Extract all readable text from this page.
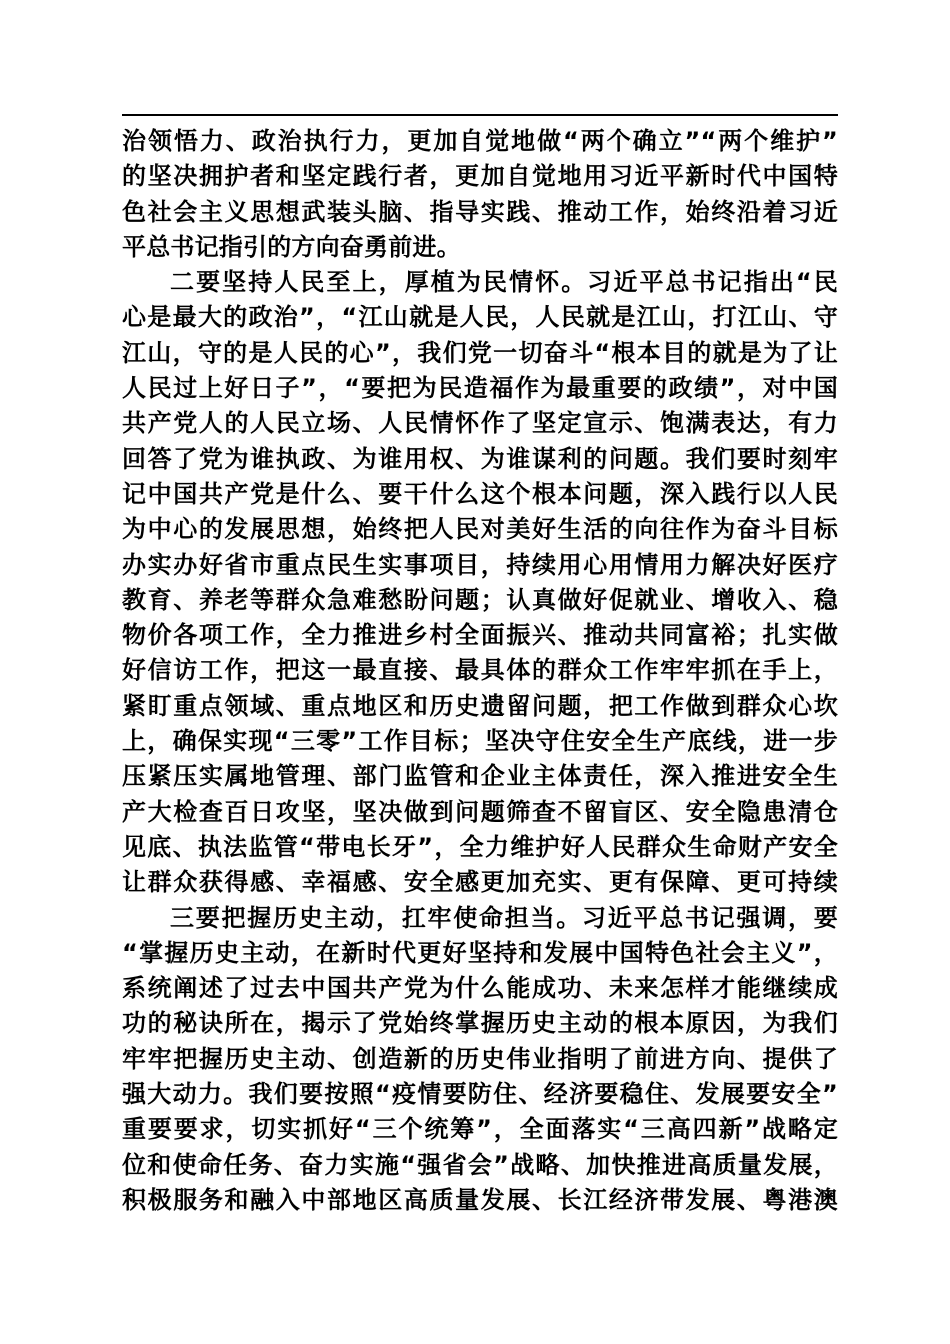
治领悟力、政治执行力，更加自觉地做“两个确立”“两个维护”
的坚决拥护者和坚定践行者，更加自觉地用习近平新时代中国特
色社会主义思想武装头脑、指导实践、推动工作，始终沿着习近
平总书记指引的方向奋勇前进。
二要坚持人民至上，厚植为民情怀。习近平总书记指出“民
心是最大的政治”，“江山就是人民，人民就是江山，打江山、守
江山，守的是人民的心”，我们党一切奋斗“根本目的就是为了让
人民过上好日子”，“要把为民造福作为最重要的政绩”，对中国
共产党人的人民立场、人民情怀作了坚定宣示、饱满表达，有力
回答了党为谁执政、为谁用权、为谁谋利的问题。我们要时刻牢
记中国共产党是什么、要干什么这个根本问题，深入践行以人民
为中心的发展思想，始终把人民对美好生活的向往作为奋斗目标
办实办好省市重点民生实事项目，持续用心用情用力解决好医疗
教育、养老等群众急难愁盼问题；认真做好促就业、增收入、稳
物价各项工作，全力推进乡村全面振兴、推动共同富裕；扎实做
好信访工作，把这一最直接、最具体的群众工作牢牢抓在手上，
紧盯重点领域、重点地区和历史遗留问题，把工作做到群众心坎
上，确保实现“三零”工作目标；坚决守住安全生产底线，进一步
压紧压实属地管理、部门监管和企业主体责任，深入推进安全生
产大检查百日攻坚，坚决做到问题筛查不留盲区、安全隐患清仓
见底、执法监管“带电长牙”，全力维护好人民群众生命财产安全
让群众获得感、幸福感、安全感更加充实、更有保障、更可持续
三要把握历史主动，扛牢使命担当。习近平总书记强调，要
“掌握历史主动，在新时代更好坚持和发展中国特色社会主义”，
系统阐述了过去中国共产党为什么能成功、未来怎样才能继续成
功的秘诀所在，揭示了党始终掌握历史主动的根本原因，为我们
牢牢把握历史主动、创造新的历史伟业指明了前进方向、提供了
强大动力。我们要按照“疫情要防住、经济要稳住、发展要安全”
重要要求，切实抓好“三个统筹”，全面落实“三高四新”战略定
位和使命任务、奋力实施“强省会”战略、加快推进高质量发展，
积极服务和融入中部地区高质量发展、长江经济带发展、粤港澳
